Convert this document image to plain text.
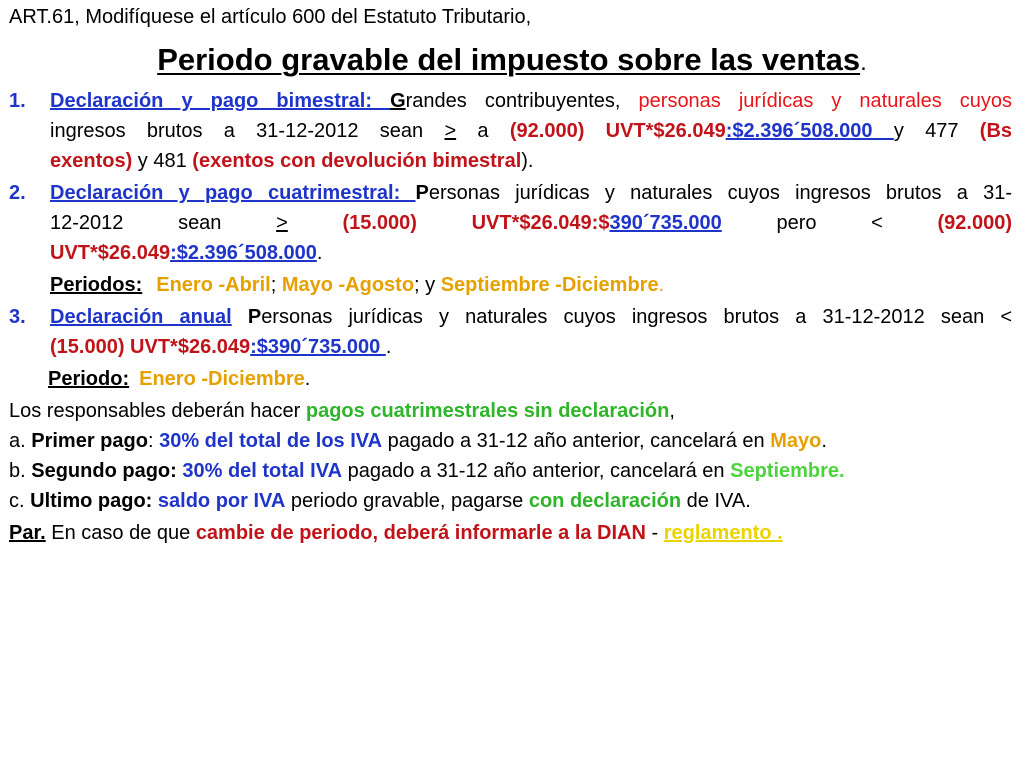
ART.61, Modifíquese el artículo 600 del Estatuto Tributario,
Periodo gravable del impuesto sobre las ventas.
1. Declaración y pago bimestral: Grandes contribuyentes, personas jurídicas y naturales cuyos
ingresos brutos a 31-12-2012 sean > a (92.000) UVT*$26.049:$2.396´508.000 y 477 (Bs
exentos) y 481 (exentos con devolución bimestral).
2. Declaración y pago cuatrimestral: Personas jurídicas y naturales cuyos ingresos brutos a 31-
12-2012	sean	>	(15.000)	UVT*$26.049:$390´735.000	pero	<	(92.000)
UVT*$26.049:$2.396´508.000.
Periodos: Enero -Abril; Mayo -Agosto; y Septiembre -Diciembre.
3. Declaración anual Personas jurídicas y naturales cuyos ingresos brutos a 31-12-2012 sean <
(15.000) UVT*$26.049:$390´735.000 .
Periodo: Enero -Diciembre.
Los responsables deberán hacer pagos cuatrimestrales sin declaración,
a. Primer pago: 30% del total de los IVA pagado a 31-12 año anterior, cancelará en Mayo.
b. Segundo pago: 30% del total IVA pagado a 31-12 año anterior, cancelará en Septiembre.
c. Ultimo pago: saldo por IVA periodo gravable, pagarse con declaración de IVA.
Par. En caso de que cambie de periodo, deberá informarle a la DIAN - reglamento .
